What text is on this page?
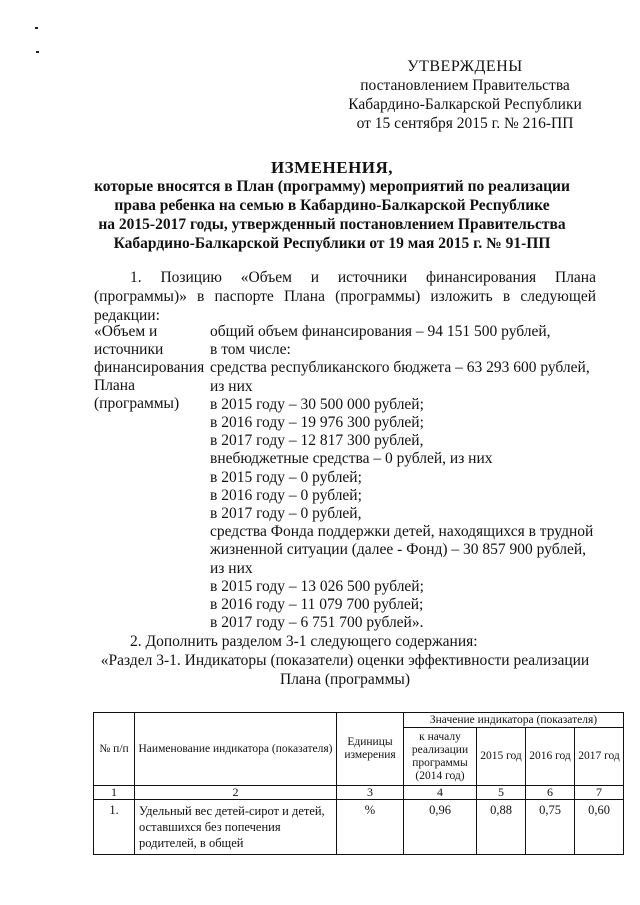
УТВЕРЖДЕНЫ
постановлением Правительства
Кабардино-Балкарской Республики
от 15 сентября 2015 г. № 216-ПП
ИЗМЕНЕНИЯ,
которые вносятся в План (программу) мероприятий по реализации
права ребенка на семью в Кабардино-Балкарской Республике
на 2015-2017 годы, утвержденный постановлением Правительства
Кабардино-Балкарской Республики от 19 мая 2015 г. № 91-ПП
1. Позицию «Объем и источники финансирования Плана (программы)» в паспорте Плана (программы) изложить в следующей редакции:
«Объем и
источники
финансирования
Плана
(программы)
общий объем финансирования – 94 151 500 рублей,
в том числе:
средства республиканского бюджета – 63 293 600 рублей,
из них
в 2015 году – 30 500 000 рублей;
в 2016 году – 19 976 300 рублей;
в 2017 году – 12 817 300 рублей,
внебюджетные средства – 0 рублей, из них
в 2015 году – 0 рублей;
в 2016 году – 0 рублей;
в 2017 году – 0 рублей,
средства Фонда поддержки детей, находящихся в трудной
жизненной ситуации (далее - Фонд) – 30 857 900 рублей,
из них
в 2015 году – 13 026 500 рублей;
в 2016 году – 11 079 700 рублей;
в 2017 году – 6 751 700 рублей».
2. Дополнить разделом 3-1 следующего содержания:
«Раздел 3-1. Индикаторы (показатели) оценки эффективности реализации
Плана (программы)
№ п/п	Наименование индикатора (показателя)	Единицы измерения	Значение индикатора (показателя)			
			к началу реализации программы (2014 год)	2015 год	2016 год	2017 год
1	2	3	4	5	6	7
1.	Удельный вес детей-сирот и детей, оставшихся без попечения родителей, в общей	%	0,96	0,88	0,75	0,60
